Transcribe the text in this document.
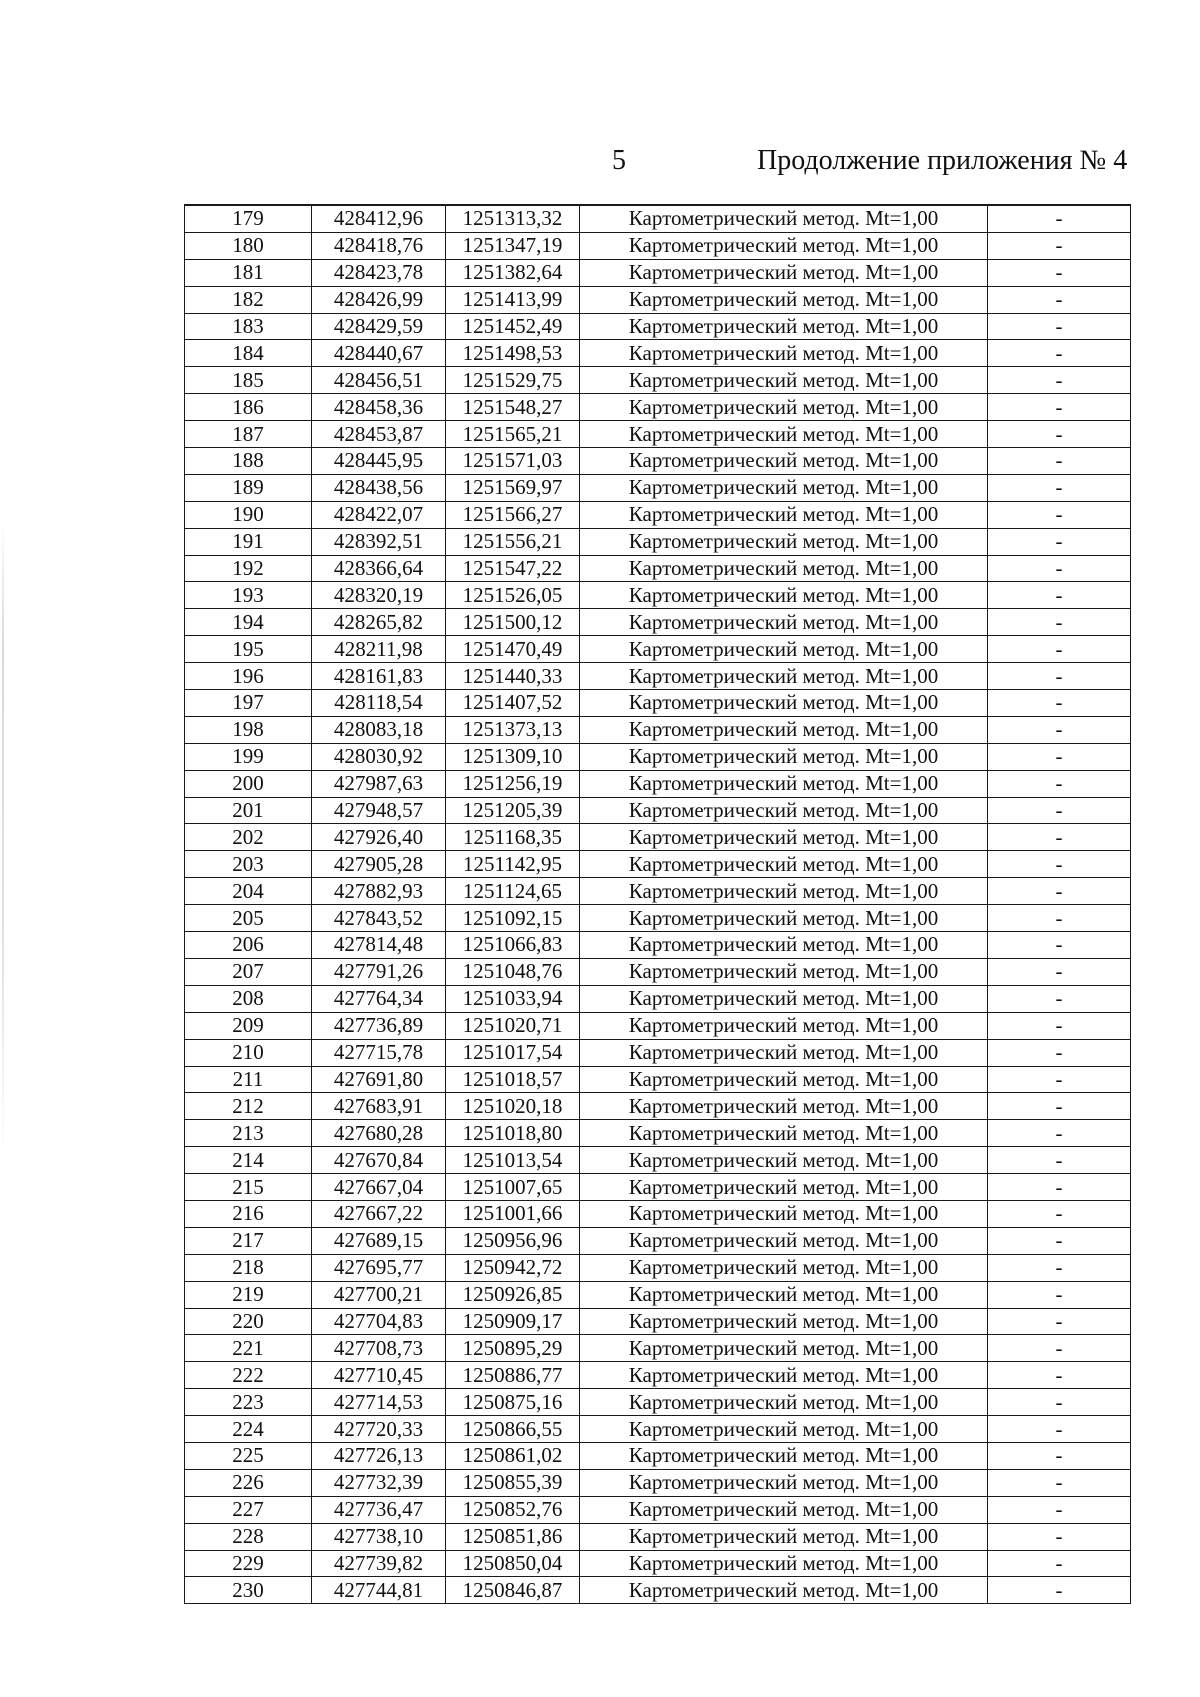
5	Продолжение приложения № 4
179	428412,96	1251313,32	Картометрический метод. Mt=1,00	-
180	428418,76	1251347,19	Картометрический метод. Mt=1,00	-
181	428423,78	1251382,64	Картометрический метод. Mt=1,00	-
182	428426,99	1251413,99	Картометрический метод. Mt=1,00	-
183	428429,59	1251452,49	Картометрический метод. Mt=1,00	-
184	428440,67	1251498,53	Картометрический метод. Mt=1,00	-
185	428456,51	1251529,75	Картометрический метод. Mt=1,00	-
186	428458,36	1251548,27	Картометрический метод. Mt=1,00	-
187	428453,87	1251565,21	Картометрический метод. Mt=1,00	-
188	428445,95	1251571,03	Картометрический метод. Mt=1,00	-
189	428438,56	1251569,97	Картометрический метод. Mt=1,00	-
190	428422,07	1251566,27	Картометрический метод. Mt=1,00	-
191	428392,51	1251556,21	Картометрический метод. Mt=1,00	-
192	428366,64	1251547,22	Картометрический метод. Mt=1,00	-
193	428320,19	1251526,05	Картометрический метод. Mt=1,00	-
194	428265,82	1251500,12	Картометрический метод. Mt=1,00	-
195	428211,98	1251470,49	Картометрический метод. Mt=1,00	-
196	428161,83	1251440,33	Картометрический метод. Mt=1,00	-
197	428118,54	1251407,52	Картометрический метод. Mt=1,00	-
198	428083,18	1251373,13	Картометрический метод. Mt=1,00	-
199	428030,92	1251309,10	Картометрический метод. Mt=1,00	-
200	427987,63	1251256,19	Картометрический метод. Mt=1,00	-
201	427948,57	1251205,39	Картометрический метод. Mt=1,00	-
202	427926,40	1251168,35	Картометрический метод. Mt=1,00	-
203	427905,28	1251142,95	Картометрический метод. Mt=1,00	-
204	427882,93	1251124,65	Картометрический метод. Mt=1,00	-
205	427843,52	1251092,15	Картометрический метод. Mt=1,00	-
206	427814,48	1251066,83	Картометрический метод. Mt=1,00	-
207	427791,26	1251048,76	Картометрический метод. Mt=1,00	-
208	427764,34	1251033,94	Картометрический метод. Mt=1,00	-
209	427736,89	1251020,71	Картометрический метод. Mt=1,00	-
210	427715,78	1251017,54	Картометрический метод. Mt=1,00	-
211	427691,80	1251018,57	Картометрический метод. Mt=1,00	-
212	427683,91	1251020,18	Картометрический метод. Mt=1,00	-
213	427680,28	1251018,80	Картометрический метод. Mt=1,00	-
214	427670,84	1251013,54	Картометрический метод. Mt=1,00	-
215	427667,04	1251007,65	Картометрический метод. Mt=1,00	-
216	427667,22	1251001,66	Картометрический метод. Mt=1,00	-
217	427689,15	1250956,96	Картометрический метод. Mt=1,00	-
218	427695,77	1250942,72	Картометрический метод. Mt=1,00	-
219	427700,21	1250926,85	Картометрический метод. Mt=1,00	-
220	427704,83	1250909,17	Картометрический метод. Mt=1,00	-
221	427708,73	1250895,29	Картометрический метод. Mt=1,00	-
222	427710,45	1250886,77	Картометрический метод. Mt=1,00	-
223	427714,53	1250875,16	Картометрический метод. Mt=1,00	-
224	427720,33	1250866,55	Картометрический метод. Mt=1,00	-
225	427726,13	1250861,02	Картометрический метод. Mt=1,00	-
226	427732,39	1250855,39	Картометрический метод. Mt=1,00	-
227	427736,47	1250852,76	Картометрический метод. Mt=1,00	-
228	427738,10	1250851,86	Картометрический метод. Mt=1,00	-
229	427739,82	1250850,04	Картометрический метод. Mt=1,00	-
230	427744,81	1250846,87	Картометрический метод. Mt=1,00	-
